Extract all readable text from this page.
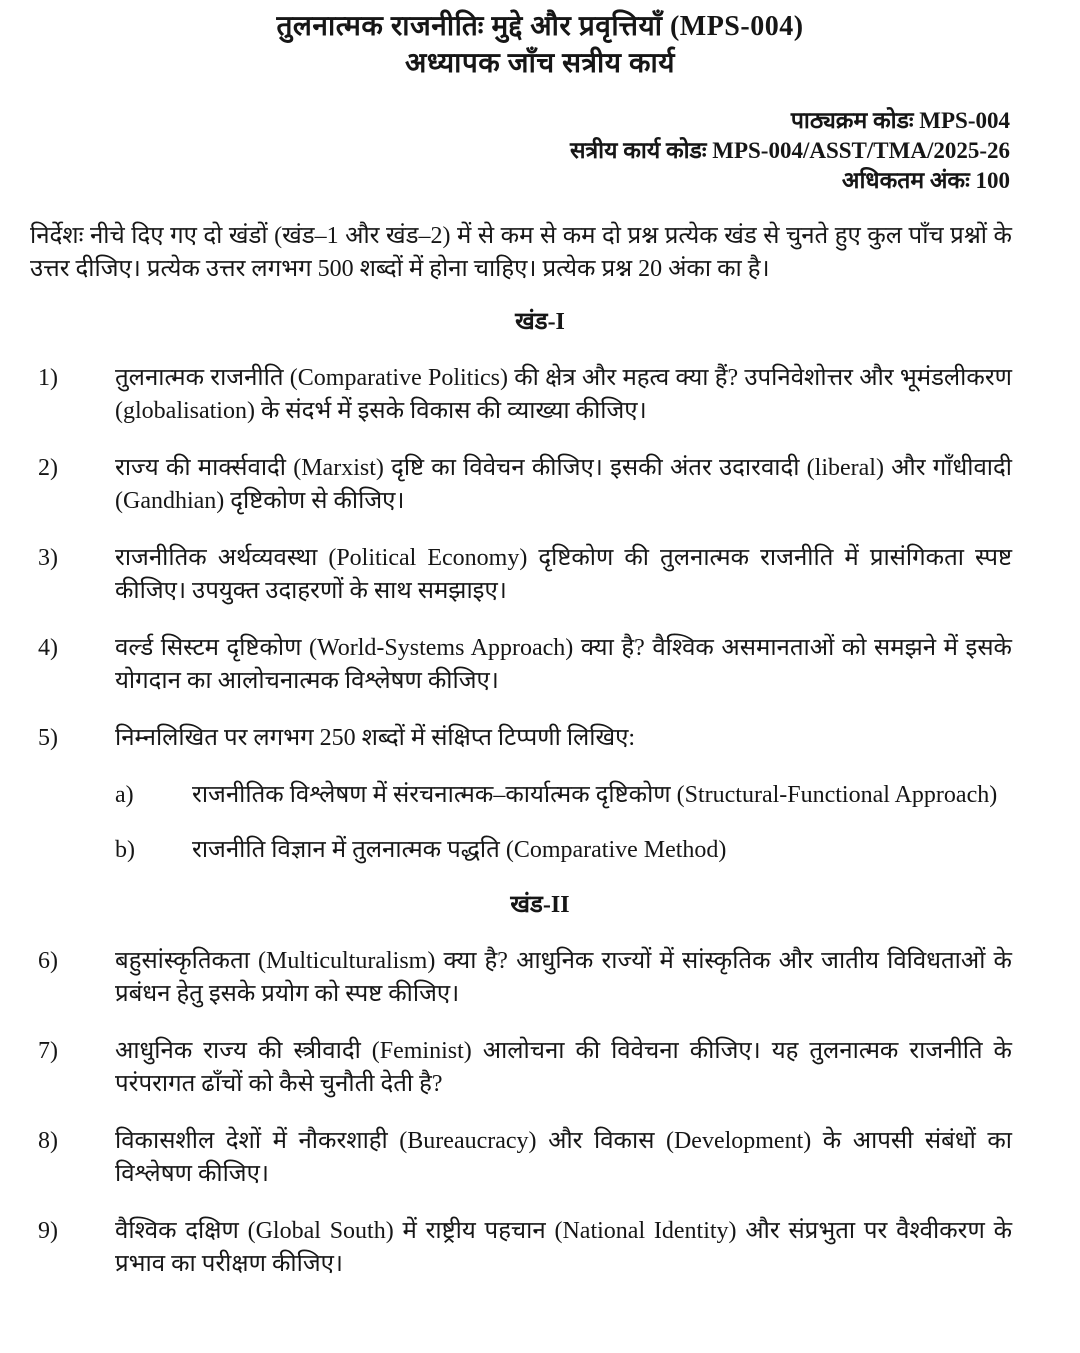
तुलनात्मक राजनीतिः मुद्दे और प्रवृत्तियाँ (MPS-004)
अध्यापक जाँच सत्रीय कार्य
पाठ्यक्रम कोडः MPS-004
सत्रीय कार्य कोडः MPS-004/ASST/TMA/2025-26
अधिकतम अंकः 100

निर्देशः नीचे दिए गए दो खंडों (खंड–1 और खंड–2) में से कम से कम दो प्रश्न प्रत्येक खंड से चुनते हुए कुल पाँच प्रश्नों के उत्तर दीजिए। प्रत्येक उत्तर लगभग 500 शब्दों में होना चाहिए। प्रत्येक प्रश्न 20 अंका का है।

खंड-I
1)	तुलनात्मक राजनीति (Comparative Politics) की क्षेत्र और महत्व क्या हैं? उपनिवेशोत्तर और भूमंडलीकरण (globalisation) के संदर्भ में इसके विकास की व्याख्या कीजिए।

2)	राज्य की मार्क्सवादी (Marxist) दृष्टि का विवेचन कीजिए। इसकी अंतर उदारवादी (liberal) और गाँधीवादी (Gandhian) दृष्टिकोण से कीजिए।

3)	राजनीतिक अर्थव्यवस्था (Political Economy) दृष्टिकोण की तुलनात्मक राजनीति में प्रासंगिकता स्पष्ट कीजिए। उपयुक्त उदाहरणों के साथ समझाइए।

4)	वर्ल्ड सिस्टम दृष्टिकोण (World-Systems Approach) क्या है? वैश्विक असमानताओं को समझने में इसके योगदान का आलोचनात्मक विश्लेषण कीजिए।

5)	निम्नलिखित पर लगभग 250 शब्दों में संक्षिप्त टिप्पणी लिखिए:

a)	राजनीतिक विश्लेषण में संरचनात्मक–कार्यात्मक दृष्टिकोण (Structural-Functional Approach)

b)	राजनीति विज्ञान में तुलनात्मक पद्धति (Comparative Method)

खंड-II
6)	बहुसांस्कृतिकता (Multiculturalism) क्या है? आधुनिक राज्यों में सांस्कृतिक और जातीय विविधताओं के प्रबंधन हेतु इसके प्रयोग को स्पष्ट कीजिए।

7)	आधुनिक राज्य की स्त्रीवादी (Feminist) आलोचना की विवेचना कीजिए। यह तुलनात्मक राजनीति के परंपरागत ढाँचों को कैसे चुनौती देती है?

8)	विकासशील देशों में नौकरशाही (Bureaucracy) और विकास (Development) के आपसी संबंधों का विश्लेषण कीजिए।

9)	वैश्विक दक्षिण (Global South) में राष्ट्रीय पहचान (National Identity) और संप्रभुता पर वैश्वीकरण के प्रभाव का परीक्षण कीजिए।
